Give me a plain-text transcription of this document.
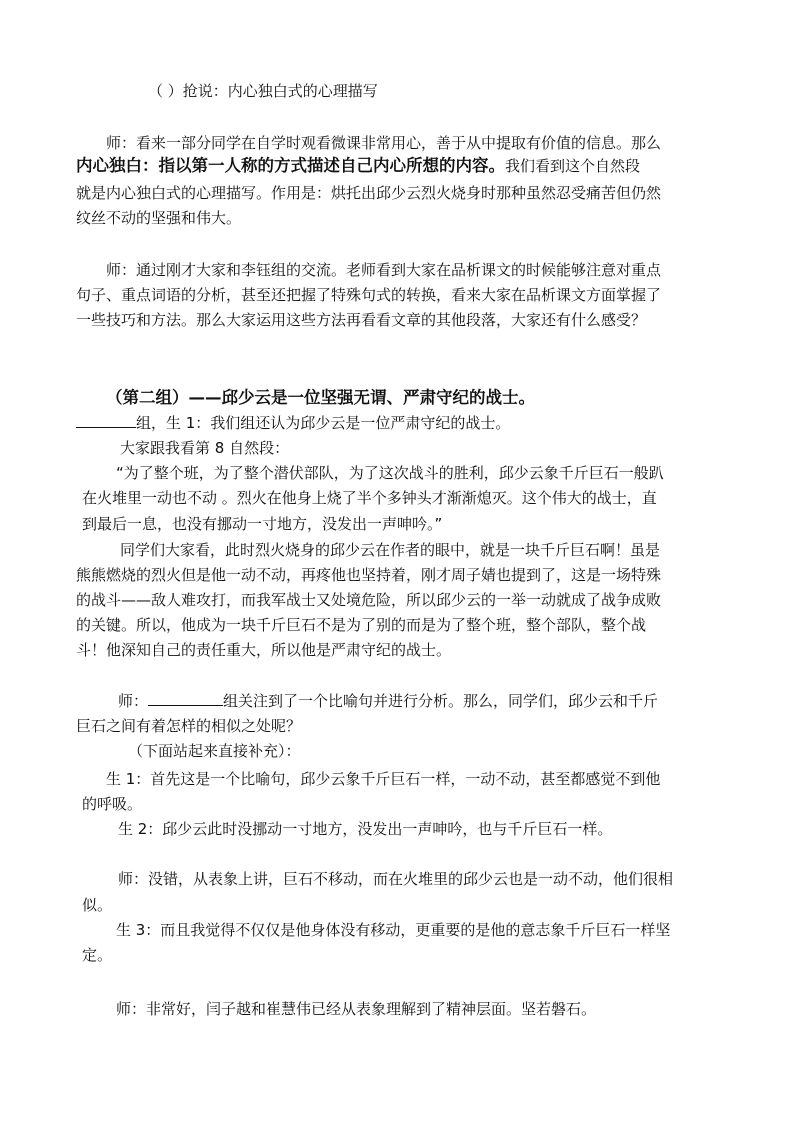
（ ）抢说：内心独白式的心理描写
师：看来一部分同学在自学时观看微课非常用心，善于从中提取有价值的信息。那么
内心独白：指以第一人称的方式描述自己内心所想的内容。我们看到这个自然段
就是内心独白式的心理描写。作用是：烘托出邱少云烈火烧身时那种虽然忍受痛苦但仍然
纹丝不动的坚强和伟大。
师：通过刚才大家和李钰组的交流。老师看到大家在品析课文的时候能够注意对重点
句子、重点词语的分析，甚至还把握了特殊句式的转换，看来大家在品析课文方面掌握了
一些技巧和方法。那么大家运用这些方法再看看文章的其他段落，大家还有什么感受？
（第二组）——邱少云是一位坚强无谓、严肃守纪的战士。
组，生 1：我们组还认为邱少云是一位严肃守纪的战士。
大家跟我看第 8 自然段：
“为了整个班，为了整个潜伏部队，为了这次战斗的胜利，邱少云象千斤巨石一般趴
在火堆里一动也不动 。烈火在他身上烧了半个多钟头才渐渐熄灭。这个伟大的战士，直
到最后一息，也没有挪动一寸地方，没发出一声呻吟。”
同学们大家看，此时烈火烧身的邱少云在作者的眼中，就是一块千斤巨石啊！虽是
熊熊燃烧的烈火但是他一动不动，再疼他也坚持着，刚才周子婧也提到了，这是一场特殊
的战斗——敌人难攻打，而我军战士又处境危险，所以邱少云的一举一动就成了战争成败
的关键。所以，他成为一块千斤巨石不是为了别的而是为了整个班，整个部队，整个战
斗！他深知自己的责任重大，所以他是严肃守纪的战士。
师：	组关注到了一个比喻句并进行分析。那么，同学们，邱少云和千斤
巨石之间有着怎样的相似之处呢？
（下面站起来直接补充）：
生 1：首先这是一个比喻句，邱少云象千斤巨石一样，一动不动，甚至都感觉不到他
的呼吸。
生 2：邱少云此时没挪动一寸地方，没发出一声呻吟，也与千斤巨石一样。
师：没错，从表象上讲，巨石不移动，而在火堆里的邱少云也是一动不动，他们很相
似。
生 3：而且我觉得不仅仅是他身体没有移动，更重要的是他的意志象千斤巨石一样坚
定。
师：非常好，闫子越和崔慧伟已经从表象理解到了精神层面。坚若磐石。
